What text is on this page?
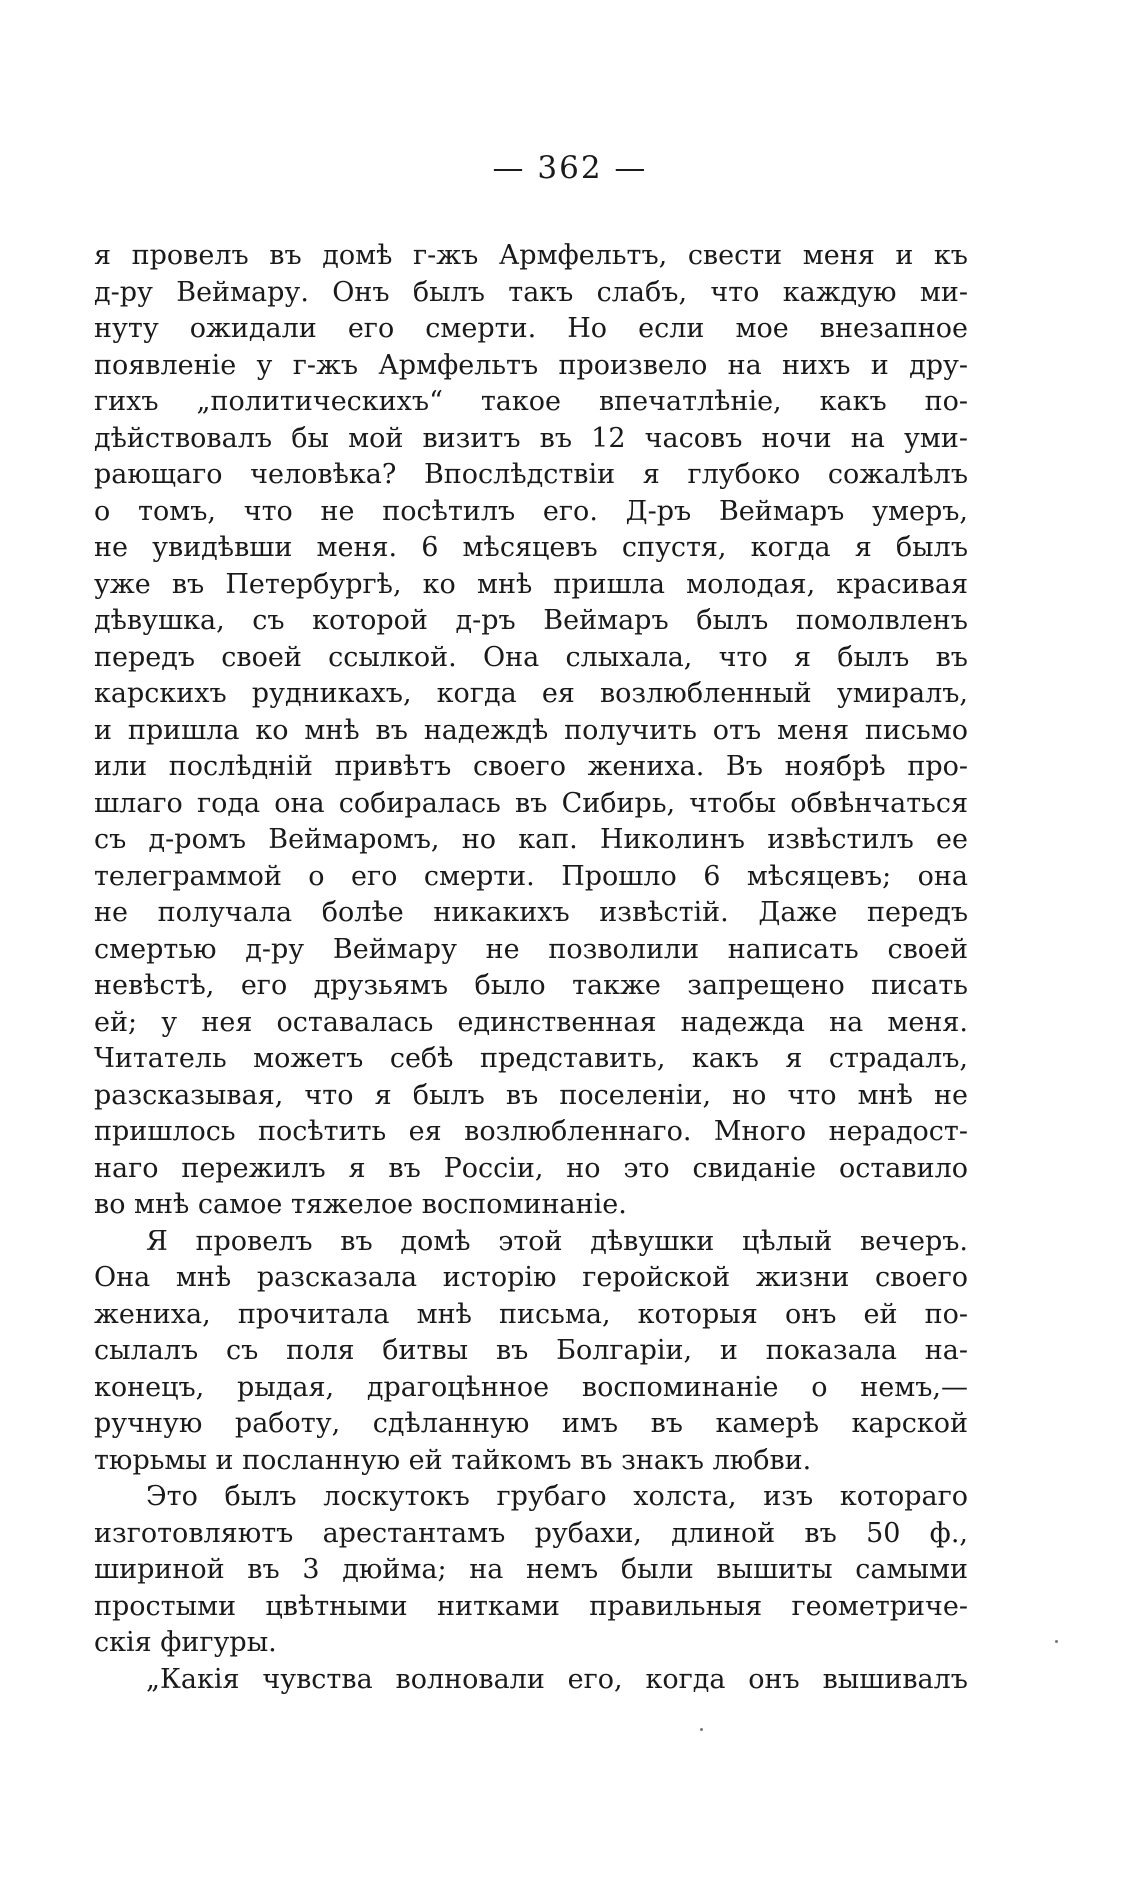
— 362 —
я провелъ въ домѣ г-жъ Армфельтъ, свести меня и къ
д-ру Веймару. Онъ былъ такъ слабъ, что каждую ми-
нуту ожидали его смерти. Но если мое внезапное
появленіе у г-жъ Армфельтъ произвело на нихъ и дру-
гихъ „политическихъ“ такое впечатлѣніе, какъ по-
дѣйствовалъ бы мой визитъ въ 12 часовъ ночи на уми-
рающаго человѣка? Впослѣдствіи я глубоко сожалѣлъ
о томъ, что не посѣтилъ его. Д-ръ Веймаръ умеръ,
не увидѣвши меня. 6 мѣсяцевъ спустя, когда я былъ
уже въ Петербургѣ, ко мнѣ пришла молодая, красивая
дѣвушка, съ которой д-ръ Веймаръ былъ помолвленъ
передъ своей ссылкой. Она слыхала, что я былъ въ
карскихъ рудникахъ, когда ея возлюбленный умиралъ,
и пришла ко мнѣ въ надеждѣ получить отъ меня письмо
или послѣдній привѣтъ своего жениха. Въ ноябрѣ про-
шлаго года она собиралась въ Сибирь, чтобы обвѣнчаться
съ д-ромъ Веймаромъ, но кап. Николинъ извѣстилъ ее
телеграммой о его смерти. Прошло 6 мѣсяцевъ; она
не получала болѣе никакихъ извѣстій. Даже передъ
смертью д-ру Веймару не позволили написать своей
невѣстѣ, его друзьямъ было также запрещено писать
ей; у нея оставалась единственная надежда на меня.
Читатель можетъ себѣ представить, какъ я страдалъ,
разсказывая, что я былъ въ поселеніи, но что мнѣ не
пришлось посѣтить ея возлюбленнаго. Много нерадост-
наго пережилъ я въ Россіи, но это свиданіе оставило
во мнѣ самое тяжелое воспоминаніе.
Я провелъ въ домѣ этой дѣвушки цѣлый вечеръ.
Она мнѣ разсказала исторію геройской жизни своего
жениха, прочитала мнѣ письма, которыя онъ ей по-
сылалъ съ поля битвы въ Болгаріи, и показала на-
конецъ, рыдая, драгоцѣнное воспоминаніе о немъ,—
ручную работу, сдѣланную имъ въ камерѣ карской
тюрьмы и посланную ей тайкомъ въ знакъ любви.
Это былъ лоскутокъ грубаго холста, изъ котораго
изготовляютъ арестантамъ рубахи, длиной въ 50 ф.,
шириной въ 3 дюйма; на немъ были вышиты самыми
простыми цвѣтными нитками правильныя геометриче-
скія фигуры.
„Какія чувства волновали его, когда онъ вышивалъ
